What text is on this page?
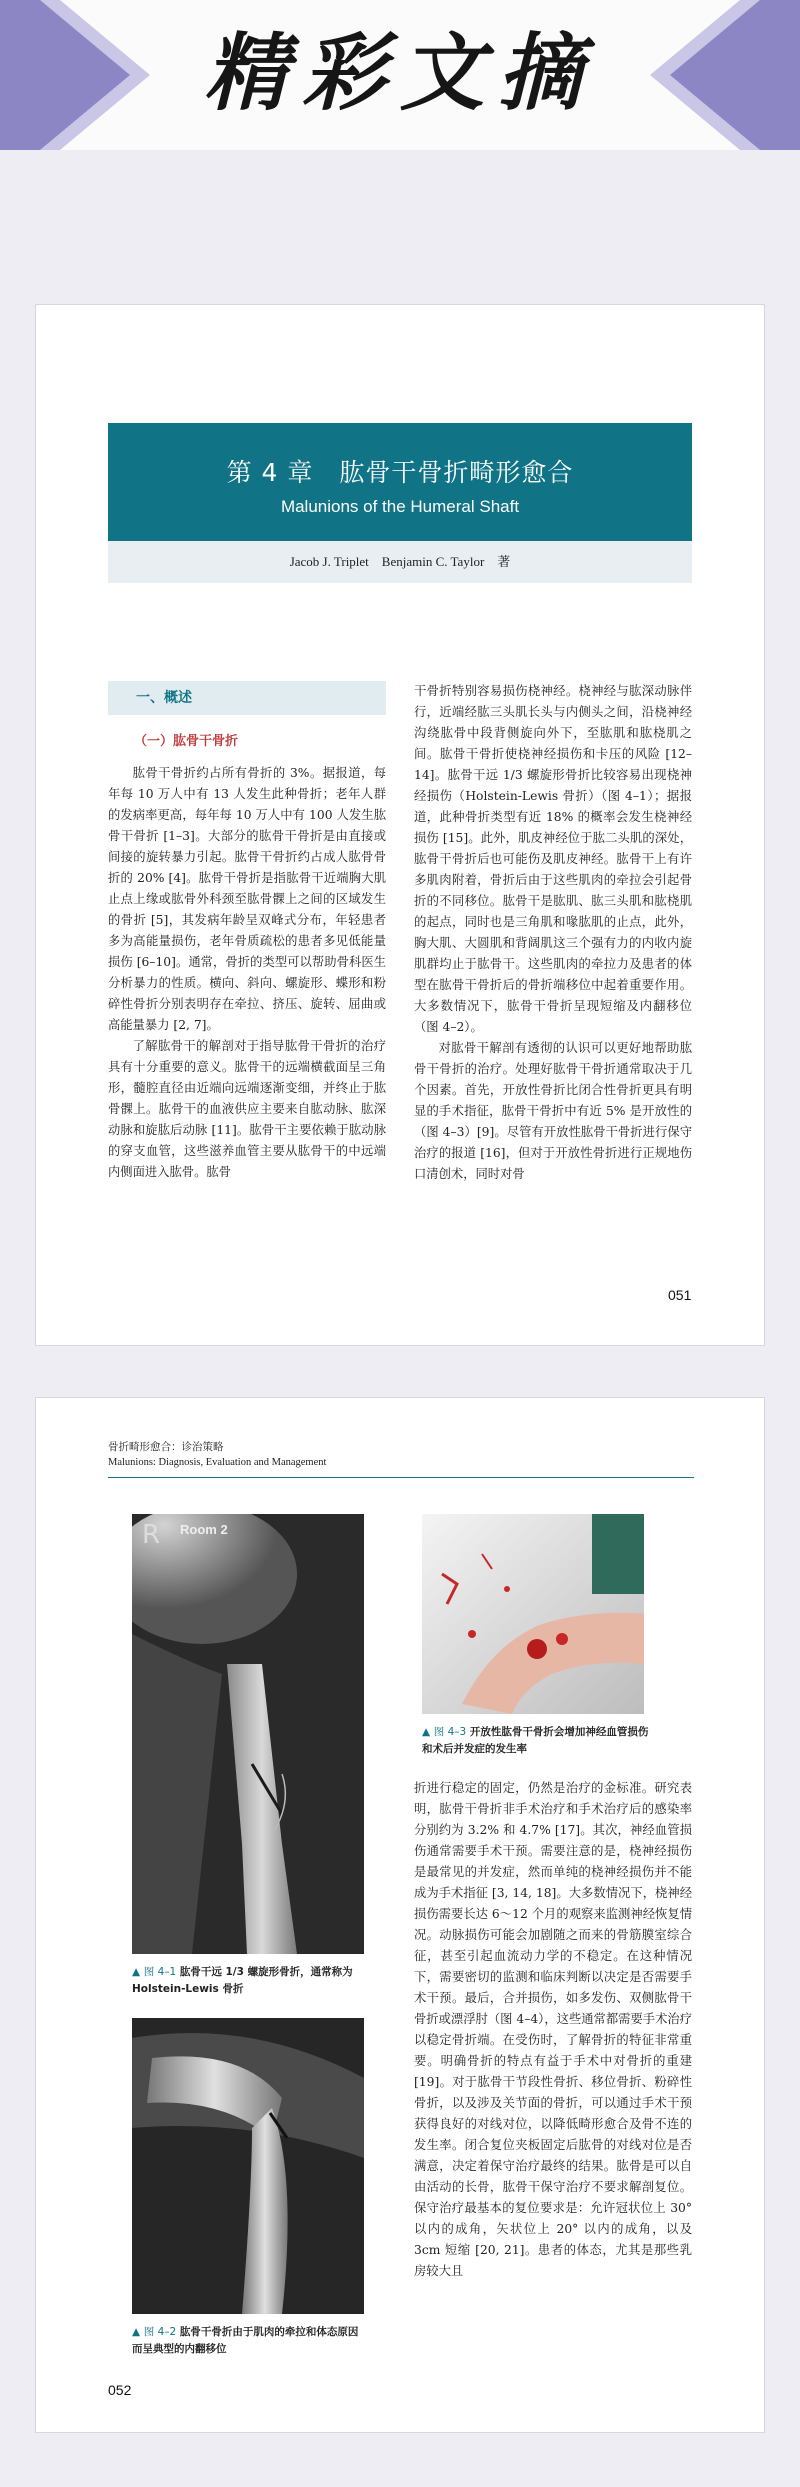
精彩文摘
第 4 章　肱骨干骨折畸形愈合
Malunions of the Humeral Shaft
Jacob J. Triplet　Benjamin C. Taylor　著
一、概述
（一）肱骨干骨折

肱骨干骨折约占所有骨折的 3%。据报道，每年每 10 万人中有 13 人发生此种骨折；老年人群的发病率更高，每年每 10 万人中有 100 人发生肱骨干骨折 [1–3]。大部分的肱骨干骨折是由直接或间接的旋转暴力引起。肱骨干骨折约占成人肱骨骨折的 20% [4]。肱骨干骨折是指肱骨干近端胸大肌止点上缘或肱骨外科颈至肱骨髁上之间的区域发生的骨折 [5]，其发病年龄呈双峰式分布，年轻患者多为高能量损伤，老年骨质疏松的患者多见低能量损伤 [6–10]。通常，骨折的类型可以帮助骨科医生分析暴力的性质。横向、斜向、螺旋形、蝶形和粉碎性骨折分别表明存在牵拉、挤压、旋转、屈曲或高能量暴力 [2, 7]。

了解肱骨干的解剖对于指导肱骨干骨折的治疗具有十分重要的意义。肱骨干的远端横截面呈三角形，髓腔直径由近端向远端逐渐变细，并终止于肱骨髁上。肱骨干的血液供应主要来自肱动脉、肱深动脉和旋肱后动脉 [11]。肱骨干主要依赖于肱动脉的穿支血管，这些滋养血管主要从肱骨干的中远端内侧面进入肱骨。肱骨

干骨折特别容易损伤桡神经。桡神经与肱深动脉伴行，近端经肱三头肌长头与内侧头之间，沿桡神经沟绕肱骨中段背侧旋向外下，至肱肌和肱桡肌之间。肱骨干骨折使桡神经损伤和卡压的风险 [12–14]。肱骨干远 1/3 螺旋形骨折比较容易出现桡神经损伤（Holstein-Lewis 骨折）（图 4–1）；据报道，此种骨折类型有近 18% 的概率会发生桡神经损伤 [15]。此外，肌皮神经位于肱二头肌的深处，肱骨干骨折后也可能伤及肌皮神经。肱骨干上有许多肌肉附着，骨折后由于这些肌肉的牵拉会引起骨折的不同移位。肱骨干是肱肌、肱三头肌和肱桡肌的起点，同时也是三角肌和喙肱肌的止点，此外，胸大肌、大圆肌和背阔肌这三个强有力的内收内旋肌群均止于肱骨干。这些肌肉的牵拉力及患者的体型在肱骨干骨折后的骨折端移位中起着重要作用。大多数情况下，肱骨干骨折呈现短缩及内翻移位（图 4–2）。

对肱骨干解剖有透彻的认识可以更好地帮助肱骨干骨折的治疗。处理好肱骨干骨折通常取决于几个因素。首先，开放性骨折比闭合性骨折更具有明显的手术指征，肱骨干骨折中有近 5% 是开放性的（图 4–3）[9]。尽管有开放性肱骨干骨折进行保守治疗的报道 [16]，但对于开放性骨折进行正规地伤口清创术，同时对骨

051
骨折畸形愈合：诊治策略
Malunions: Diagnosis, Evaluation and Management
R Room 2
▲ 图 4–1 肱骨干远 1/3 螺旋形骨折，通常称为 Holstein-Lewis 骨折
▲ 图 4–2 肱骨干骨折由于肌肉的牵拉和体态原因而呈典型的内翻移位
▲ 图 4–3 开放性肱骨干骨折会增加神经血管损伤和术后并发症的发生率

折进行稳定的固定，仍然是治疗的金标准。研究表明，肱骨干骨折非手术治疗和手术治疗后的感染率分别约为 3.2% 和 4.7% [17]。其次，神经血管损伤通常需要手术干预。需要注意的是，桡神经损伤是最常见的并发症，然而单纯的桡神经损伤并不能成为手术指征 [3, 14, 18]。大多数情况下，桡神经损伤需要长达 6～12 个月的观察来监测神经恢复情况。动脉损伤可能会加剧随之而来的骨筋膜室综合征，甚至引起血流动力学的不稳定。在这种情况下，需要密切的监测和临床判断以决定是否需要手术干预。最后，合并损伤，如多发伤、双侧肱骨干骨折或漂浮肘（图 4–4），这些通常都需要手术治疗以稳定骨折端。在受伤时，了解骨折的特征非常重要。明确骨折的特点有益于手术中对骨折的重建 [19]。对于肱骨干节段性骨折、移位骨折、粉碎性骨折，以及涉及关节面的骨折，可以通过手术干预获得良好的对线对位，以降低畸形愈合及骨不连的发生率。闭合复位夹板固定后肱骨的对线对位是否满意，决定着保守治疗最终的结果。肱骨是可以自由活动的长骨，肱骨干保守治疗不要求解剖复位。保守治疗最基本的复位要求是：允许冠状位上 30° 以内的成角，矢状位上 20° 以内的成角，以及 3cm 短缩 [20, 21]。患者的体态，尤其是那些乳房较大且

052
